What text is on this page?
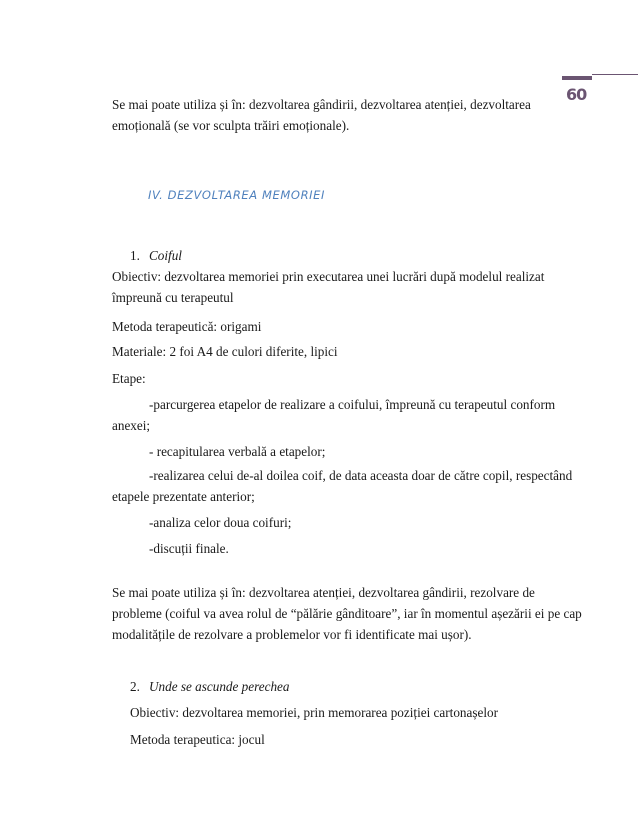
60

Se mai poate utiliza și în: dezvoltarea gândirii, dezvoltarea atenției, dezvoltarea

emoțională (se vor sculpta trăiri emoționale).

IV. DEZVOLTAREA MEMORIEI

1. Coiful

Obiectiv: dezvoltarea memoriei prin executarea unei lucrări după modelul realizat

împreună cu terapeutul

Metoda terapeutică: origami

Materiale: 2 foi A4 de culori diferite, lipici

Etape:

-parcurgerea etapelor de realizare a coifului, împreună cu terapeutul conform

anexei;

- recapitularea verbală a etapelor;

-realizarea celui de-al doilea coif, de data aceasta doar de către copil, respectând

etapele prezentate anterior;

-analiza celor doua coifuri;

-discuții finale.

Se mai poate utiliza și în: dezvoltarea atenției, dezvoltarea gândirii, rezolvare de

probleme (coiful va avea rolul de “pălărie gânditoare”, iar în momentul așezării ei pe cap

modalitățile de rezolvare a problemelor vor fi identificate mai ușor).

2. Unde se ascunde perechea

Obiectiv: dezvoltarea memoriei, prin memorarea poziției cartonașelor

Metoda terapeutica: jocul
